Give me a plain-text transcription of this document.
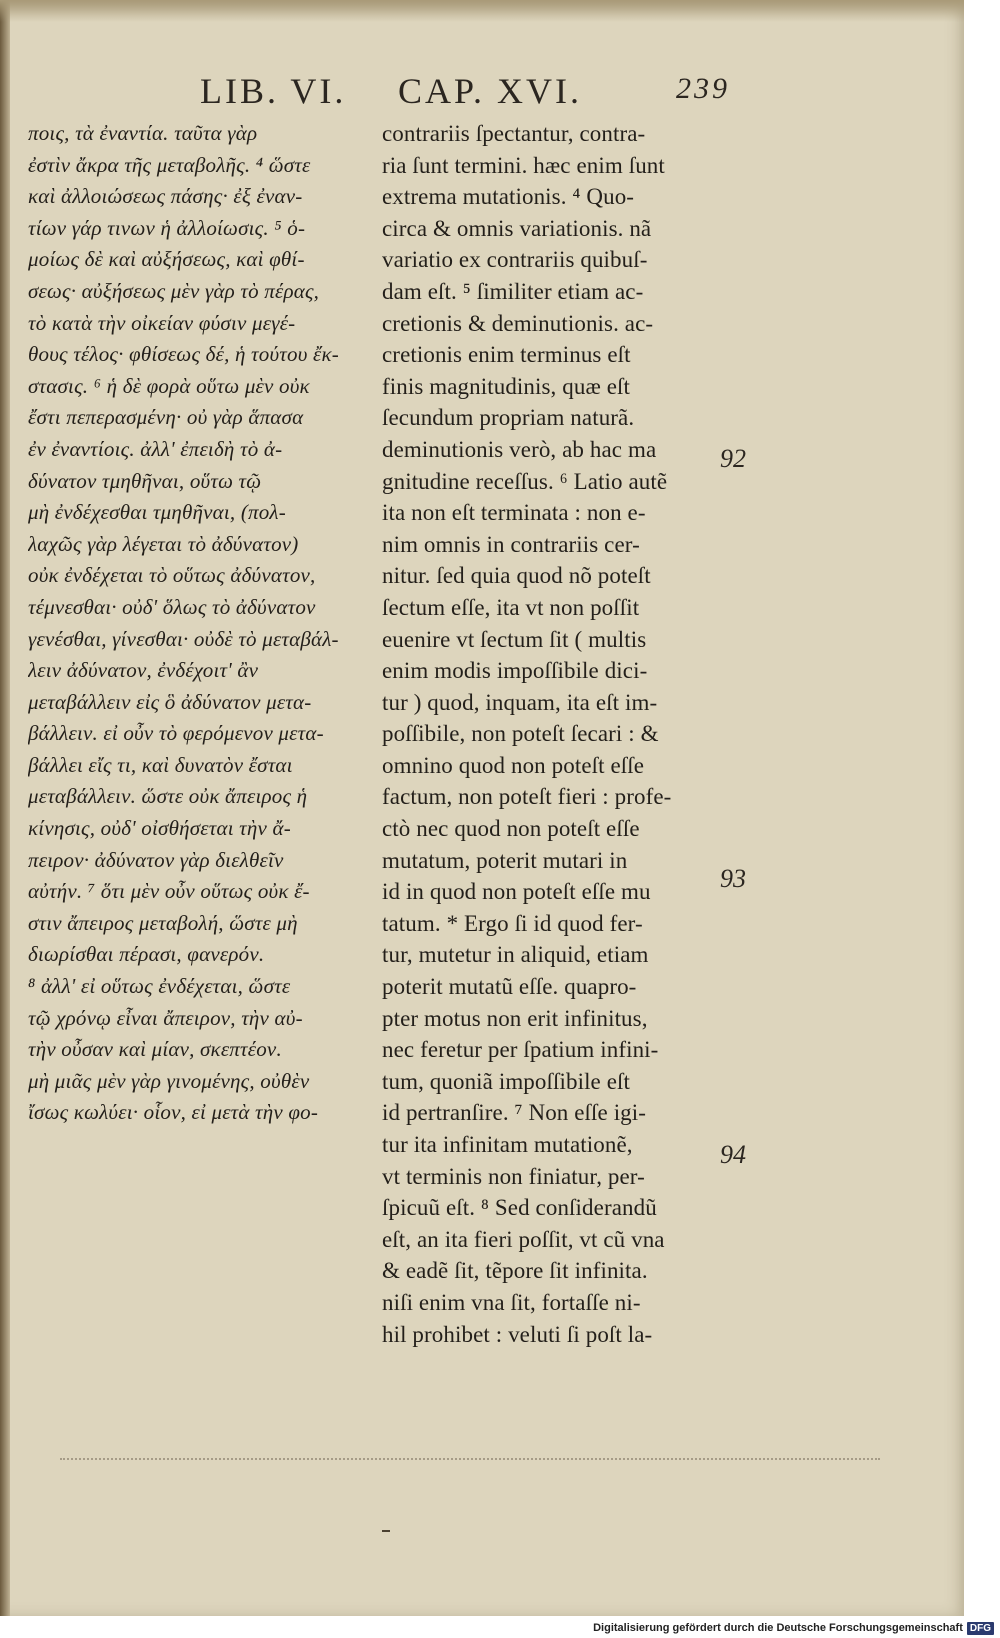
LIB. VI. CAP. XVI.	239
ποις, τὰ ἐναντία. ταῦτα γὰρ
ἐστὶν ἄκρα τῆς μεταβολῆς. ⁴ ὥστε
καὶ ἀλλοιώσεως πάσης· ἐξ ἐναν-
τίων γάρ τινων ἡ ἀλλοίωσις. ⁵ ὁ-
μοίως δὲ καὶ αὐξήσεως, καὶ φθί-
σεως· αὐξήσεως μὲν γὰρ τὸ πέρας,
τὸ κατὰ τὴν οἰκείαν φύσιν μεγέ-
θους τέλος· φθίσεως δέ, ἡ τούτου ἔκ-
στασις. ⁶ ἡ δὲ φορὰ οὕτω μὲν οὐκ
ἔστι πεπερασμένη· οὐ γὰρ ἅπασα
ἐν ἐναντίοις. ἀλλ' ἐπειδὴ τὸ ἀ-
δύνατον τμηθῆναι, οὕτω τῷ
μὴ ἐνδέχεσθαι τμηθῆναι, (πολ-
λαχῶς γὰρ λέγεται τὸ ἀδύνατον)
οὐκ ἐνδέχεται τὸ οὕτως ἀδύνατον,
τέμνεσθαι· οὐδ' ὅλως τὸ ἀδύνατον
γενέσθαι, γίνεσθαι· οὐδὲ τὸ μεταβάλ-
λειν ἀδύνατον, ἐνδέχοιτ' ἂν
μεταβάλλειν εἰς ὃ ἀδύνατον μετα-
βάλλειν. εἰ οὖν τὸ φερόμενον μετα-
βάλλει εἴς τι, καὶ δυνατὸν ἔσται
μεταβάλλειν. ὥστε οὐκ ἄπειρος ἡ
κίνησις, οὐδ' οἰσθήσεται τὴν ἄ-
πειρον· ἀδύνατον γὰρ διελθεῖν
αὐτήν. ⁷ ὅτι μὲν οὖν οὕτως οὐκ ἔ-
στιν ἄπειρος μεταβολή, ὥστε μὴ
διωρίσθαι πέρασι, φανερόν.
⁸ ἀλλ' εἰ οὕτως ἐνδέχεται, ὥστε
τῷ χρόνῳ εἶναι ἄπειρον, τὴν αὐ-
τὴν οὖσαν καὶ μίαν, σκεπτέον.
μὴ μιᾶς μὲν γὰρ γινομένης, οὐθὲν
ἴσως κωλύει· οἷον, εἰ μετὰ τὴν φο-
contrariis ſpectantur, contra-
ria ſunt termini. hæc enim ſunt
extrema mutationis. ⁴ Quo-
circa & omnis variationis. nã
variatio ex contrariis quibuſ-
dam eſt. ⁵ ſimiliter etiam ac-
cretionis & deminutionis. ac-
cretionis enim terminus eſt
finis magnitudinis, quæ eſt
ſecundum propriam naturã.
deminutionis verò, ab hac ma
gnitudine receſſus. ⁶ Latio autẽ
ita non eſt terminata : non e-
nim omnis in contrariis cer-
nitur. ſed quia quod nõ poteſt
ſectum eſſe, ita vt non poſſit
euenire vt ſectum ſit ( multis
enim modis impoſſibile dici-
tur ) quod, inquam, ita eſt im-
poſſibile, non poteſt ſecari : &
omnino quod non poteſt eſſe
factum, non poteſt fieri : profe-
ctò nec quod non poteſt eſſe
mutatum, poterit mutari in
id in quod non poteſt eſſe mu
tatum. * Ergo ſi id quod fer-
tur, mutetur in aliquid, etiam
poterit mutatũ eſſe. quapro-
pter motus non erit infinitus,
nec feretur per ſpatium infini-
tum, quoniã impoſſibile eſt
id pertranſire. ⁷ Non eſſe igi-
tur ita infinitam mutationẽ,
vt terminis non finiatur, per-
ſpicuũ eſt. ⁸ Sed conſiderandũ
eſt, an ita fieri poſſit, vt cũ vna
& eadẽ ſit, tẽpore ſit infinita.
niſi enim vna ſit, fortaſſe ni-
hil prohibet : veluti ſi poſt la-
92
93
94
Digitalisierung gefördert durch die Deutsche Forschungsgemeinschaft DFG
